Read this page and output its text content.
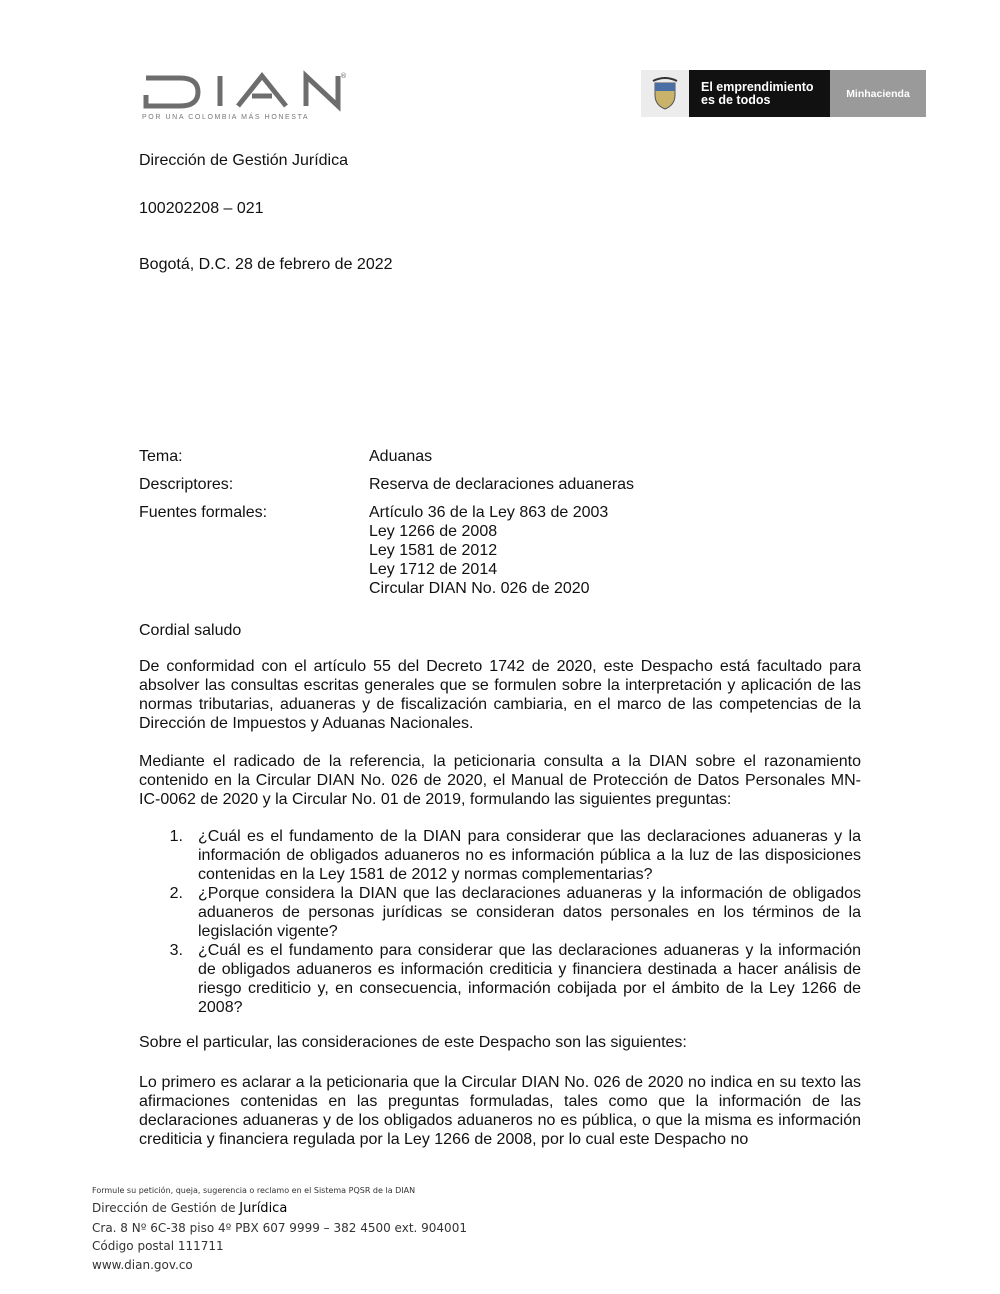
®
POR UNA COLOMBIA MÁS HONESTA
El emprendimiento
es de todos	Minhacienda
Dirección de Gestión Jurídica
100202208 – 021
Bogotá, D.C. 28 de febrero de 2022
Tema:	Aduanas
Descriptores:	Reserva de declaraciones aduaneras
Fuentes formales:	Artículo 36 de la Ley 863 de 2003
Ley 1266 de 2008
Ley 1581 de 2012
Ley 1712 de 2014
Circular DIAN No. 026 de 2020
Cordial saludo
De conformidad con el artículo 55 del Decreto 1742 de 2020, este Despacho está facultado para absolver las consultas escritas generales que se formulen sobre la interpretación y aplicación de las normas tributarias, aduaneras y de fiscalización cambiaria, en el marco de las competencias de la Dirección de Impuestos y Aduanas Nacionales.
Mediante el radicado de la referencia, la peticionaria consulta a la DIAN sobre el razonamiento contenido en la Circular DIAN No. 026 de 2020, el Manual de Protección de Datos Personales MN-IC-0062 de 2020 y la Circular No. 01 de 2019, formulando las siguientes preguntas:
1. ¿Cuál es el fundamento de la DIAN para considerar que las declaraciones aduaneras y la información de obligados aduaneros no es información pública a la luz de las disposiciones contenidas en la Ley 1581 de 2012 y normas complementarias?
2. ¿Porque considera la DIAN que las declaraciones aduaneras y la información de obligados aduaneros de personas jurídicas se consideran datos personales en los términos de la legislación vigente?
3. ¿Cuál es el fundamento para considerar que las declaraciones aduaneras y la información de obligados aduaneros es información crediticia y financiera destinada a hacer análisis de riesgo crediticio y, en consecuencia, información cobijada por el ámbito de la Ley 1266 de 2008?
Sobre el particular, las consideraciones de este Despacho son las siguientes:
Lo primero es aclarar a la peticionaria que la Circular DIAN No. 026 de 2020 no indica en su texto las afirmaciones contenidas en las preguntas formuladas, tales como que la información de las declaraciones aduaneras y de los obligados aduaneros no es pública, o que la misma es información crediticia y financiera regulada por la Ley 1266 de 2008, por lo cual este Despacho no
Formule su petición, queja, sugerencia o reclamo en el Sistema PQSR de la DIAN
Dirección de Gestión de Jurídica
Cra. 8 Nº 6C-38 piso 4º PBX 607 9999 – 382 4500 ext. 904001
Código postal 111711
www.dian.gov.co
